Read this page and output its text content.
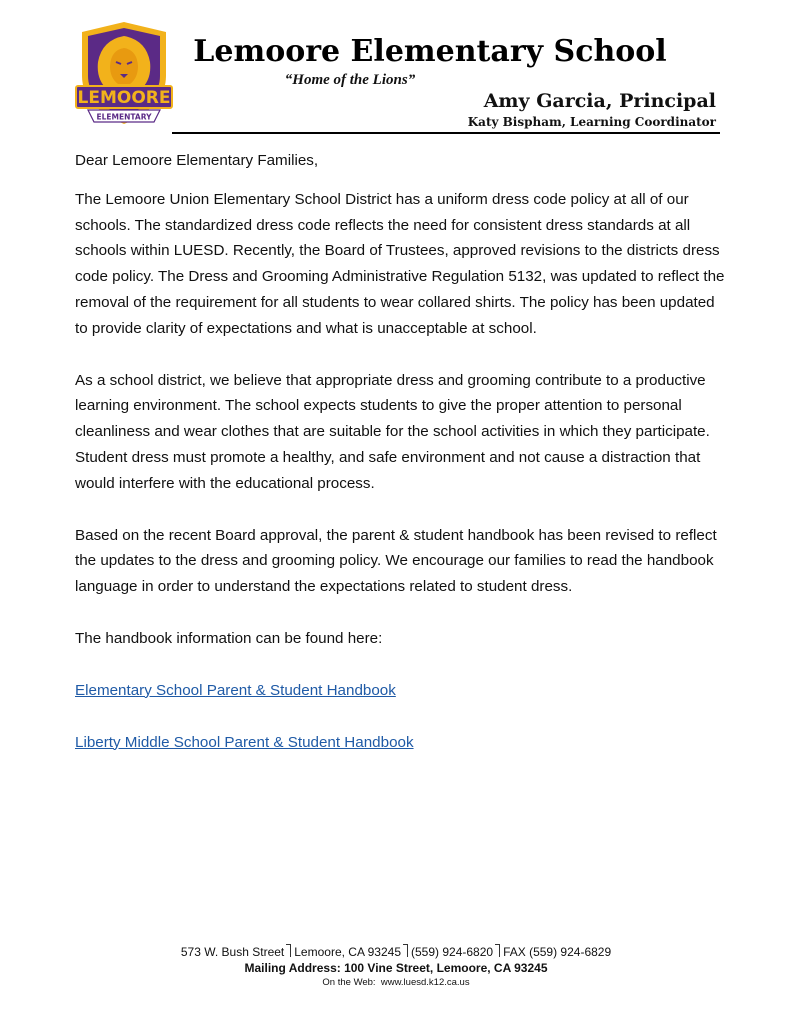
LEMOORE
ELEMENTARY
Lemoore Elementary School
“Home of the Lions”
Amy Garcia, Principal
Katy Bispham, Learning Coordinator

Dear Lemoore Elementary Families,

The Lemoore Union Elementary School District has a uniform dress code policy at all of our schools. The standardized dress code reflects the need for consistent dress standards at all schools within LUESD. Recently, the Board of Trustees, approved revisions to the districts dress code policy. The Dress and Grooming Administrative Regulation 5132, was updated to reflect the removal of the requirement for all students to wear collared shirts. The policy has been updated to provide clarity of expectations and what is unacceptable at school.

As a school district, we believe that appropriate dress and grooming contribute to a productive learning environment. The school expects students to give the proper attention to personal cleanliness and wear clothes that are suitable for the school activities in which they participate. Student dress must promote a healthy, and safe environment and not cause a distraction that would interfere with the educational process.

Based on the recent Board approval, the parent & student handbook has been revised to reflect the updates to the dress and grooming policy. We encourage our families to read the handbook language in order to understand the expectations related to student dress.

The handbook information can be found here:

Elementary School Parent & Student Handbook

Liberty Middle School Parent & Student Handbook

573 W. Bush Street Lemoore, CA 93245 (559) 924-6820 FAX (559) 924-6829
Mailing Address: 100 Vine Street, Lemoore, CA 93245
On the Web: www.luesd.k12.ca.us
